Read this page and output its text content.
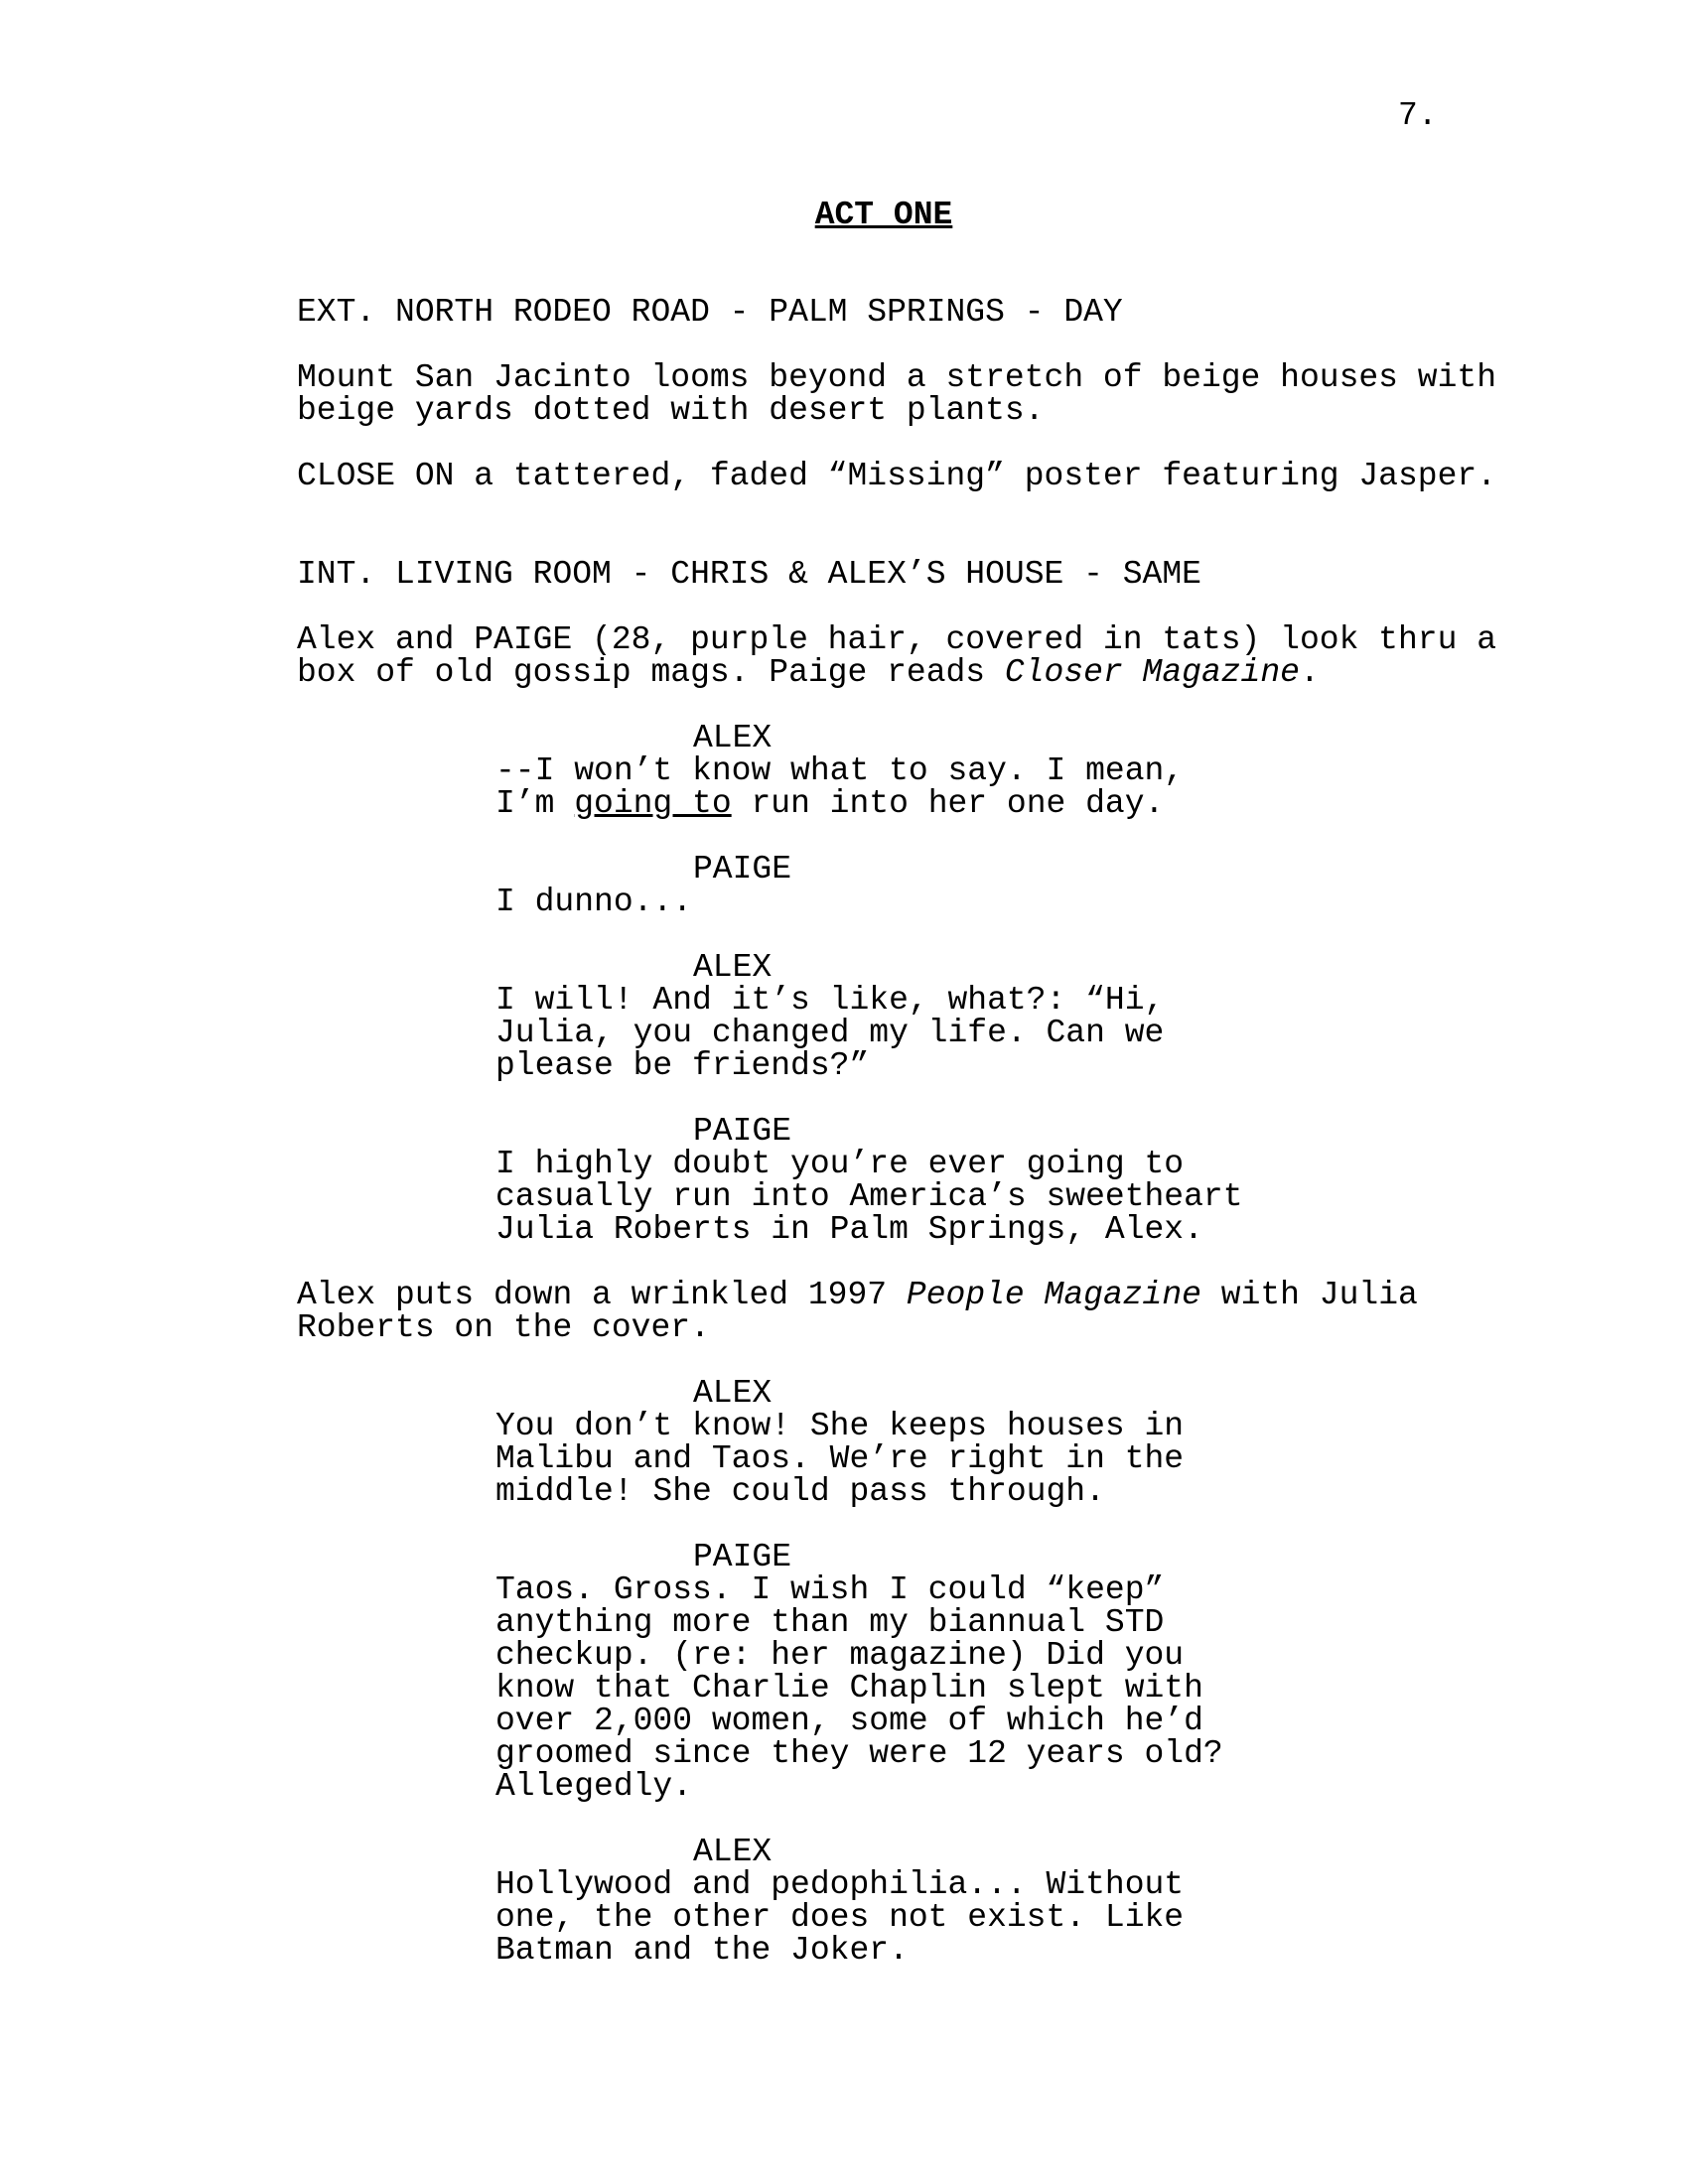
7.
ACT ONE
EXT. NORTH RODEO ROAD - PALM SPRINGS - DAY
Mount San Jacinto looms beyond a stretch of beige houses with
beige yards dotted with desert plants.
CLOSE ON a tattered, faded “Missing” poster featuring Jasper.
INT. LIVING ROOM - CHRIS & ALEX’S HOUSE - SAME
Alex and PAIGE (28, purple hair, covered in tats) look thru a
box of old gossip mags. Paige reads Closer Magazine.
ALEX
--I won’t know what to say. I mean,
I’m going to run into her one day.
PAIGE
I dunno...
ALEX
I will! And it’s like, what?: “Hi,
Julia, you changed my life. Can we
please be friends?”
PAIGE
I highly doubt you’re ever going to
casually run into America’s sweetheart
Julia Roberts in Palm Springs, Alex.
Alex puts down a wrinkled 1997 People Magazine with Julia
Roberts on the cover.
ALEX
You don’t know! She keeps houses in
Malibu and Taos. We’re right in the
middle! She could pass through.
PAIGE
Taos. Gross. I wish I could “keep”
anything more than my biannual STD
checkup. (re: her magazine) Did you
know that Charlie Chaplin slept with
over 2,000 women, some of which he’d
groomed since they were 12 years old?
Allegedly.
ALEX
Hollywood and pedophilia... Without
one, the other does not exist. Like
Batman and the Joker.
